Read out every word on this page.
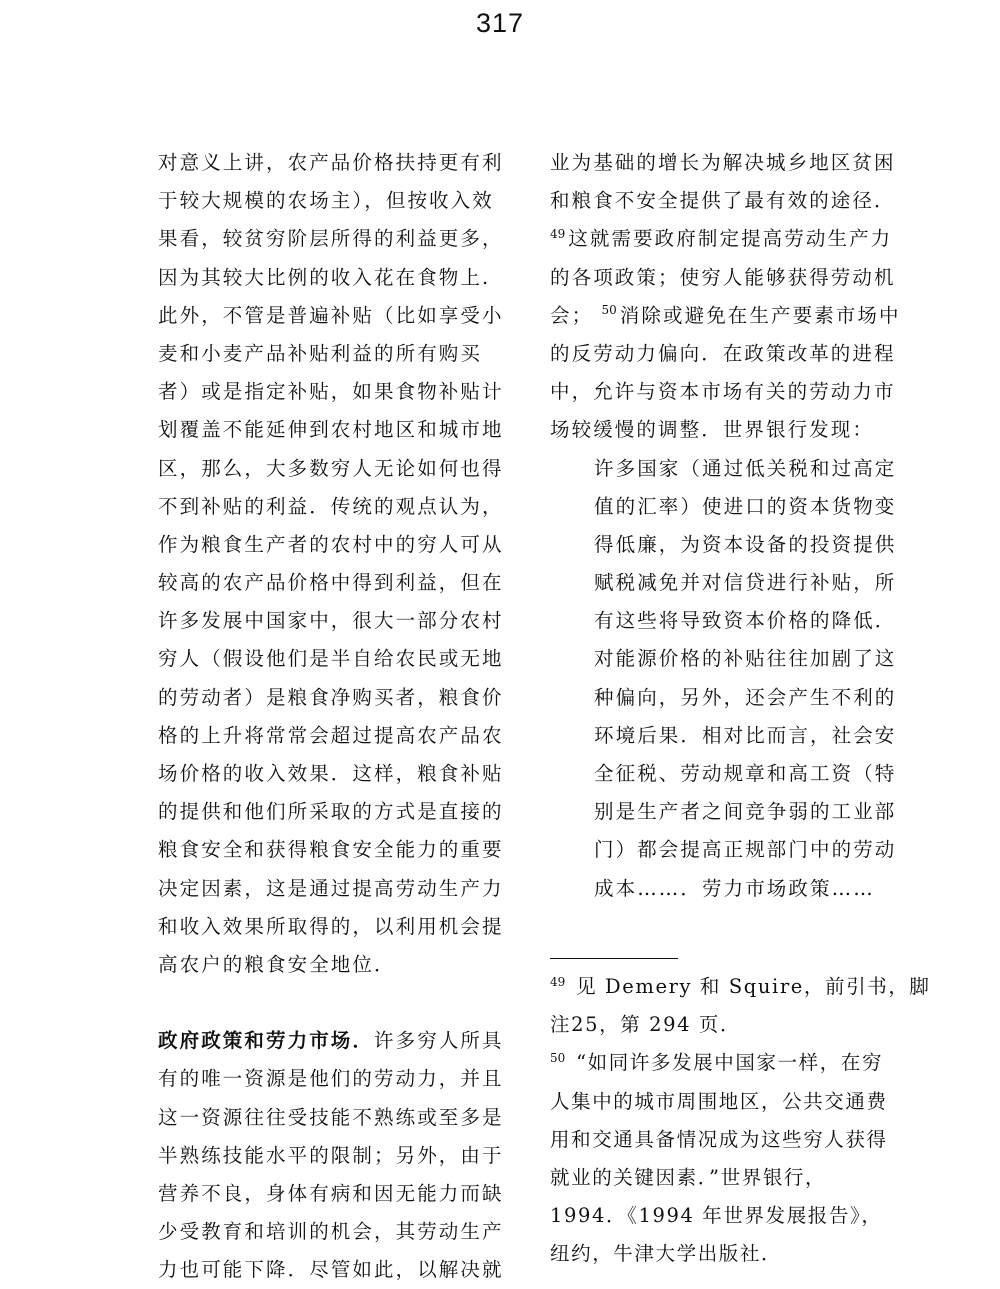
317
对意义上讲，农产品价格扶持更有利
于较大规模的农场主），但按收入效
果看，较贫穷阶层所得的利益更多，
因为其较大比例的收入花在食物上.
此外，不管是普遍补贴（比如享受小
麦和小麦产品补贴利益的所有购买
者）或是指定补贴，如果食物补贴计
划覆盖不能延伸到农村地区和城市地
区，那么，大多数穷人无论如何也得
不到补贴的利益．传统的观点认为，
作为粮食生产者的农村中的穷人可从
较高的农产品价格中得到利益，但在
许多发展中国家中，很大一部分农村
穷人（假设他们是半自给农民或无地
的劳动者）是粮食净购买者，粮食价
格的上升将常常会超过提高农产品农
场价格的收入效果．这样，粮食补贴
的提供和他们所采取的方式是直接的
粮食安全和获得粮食安全能力的重要
决定因素，这是通过提高劳动生产力
和收入效果所取得的，以利用机会提
高农户的粮食安全地位．
政府政策和劳力市场．许多穷人所具
有的唯一资源是他们的劳动力，并且
这一资源往往受技能不熟练或至多是
半熟练技能水平的限制；另外，由于
营养不良，身体有病和因无能力而缺
少受教育和培训的机会，其劳动生产
力也可能下降．尽管如此，以解决就
业为基础的增长为解决城乡地区贫困
和粮食不安全提供了最有效的途径．
$^{49}$ 这就需要政府制定提高劳动生产力
的各项政策；使穷人能够获得劳动机
会； $^{50}$ 消除或避免在生产要素市场中
的反劳动力偏向．在政策改革的进程
中，允许与资本市场有关的劳动力市
场较缓慢的调整．世界银行发现：
许多国家（通过低关税和过高定
值的汇率）使进口的资本货物变
得低廉，为资本设备的投资提供
赋税减免并对信贷进行补贴，所
有这些将导致资本价格的降低．
对能源价格的补贴往往加剧了这
种偏向，另外，还会产生不利的
环境后果．相对比而言，社会安
全征税、劳动规章和高工资（特
别是生产者之间竞争弱的工业部
门）都会提高正规部门中的劳动
成本……．劳力市场政策……
$^{49}$ 见 Demery 和 Squire，前引书，脚
注25，第 294 页．
$^{50}$ “如同许多发展中国家一样，在穷
人集中的城市周围地区，公共交通费
用和交通具备情况成为这些穷人获得
就业的关键因素．”世界银行，
1994．《1994 年世界发展报告》，
纽约，牛津大学出版社．
